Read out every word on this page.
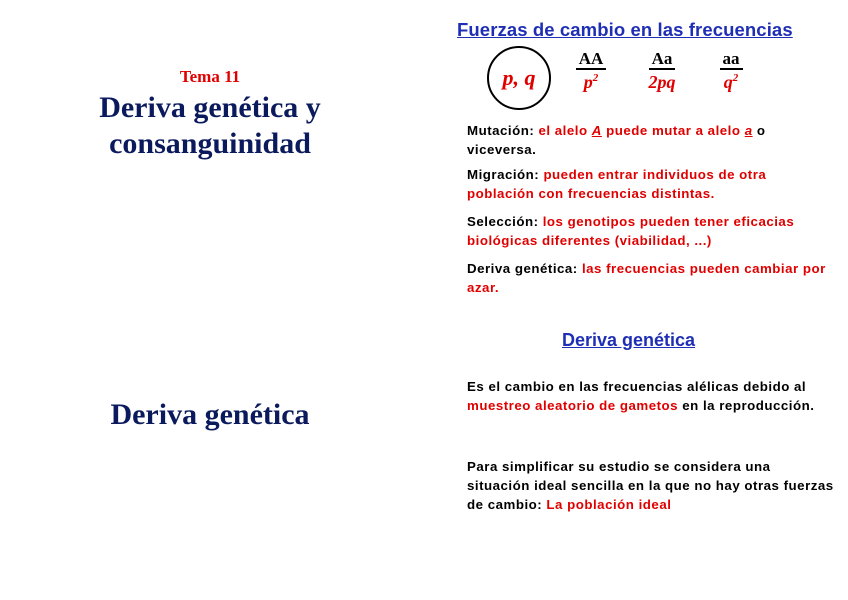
Tema 11
Deriva genética y
consanguinidad
Deriva genética
Fuerzas de cambio en las frecuencias
p, q
AA
$p^2$
Aa
2pq
aa
$q^2$
Mutación: el alelo A puede mutar a alelo a o viceversa.
Migración: pueden entrar individuos de otra población con frecuencias distintas.
Selección: los genotipos pueden tener eficacias biológicas diferentes (viabilidad, ...)
Deriva genética: las frecuencias pueden cambiar por azar.
Deriva genética
Es el cambio en las frecuencias alélicas debido al muestreo aleatorio de gametos en la reproducción.
Para simplificar su estudio se considera una situación ideal sencilla en la que no hay otras fuerzas de cambio: La población ideal
